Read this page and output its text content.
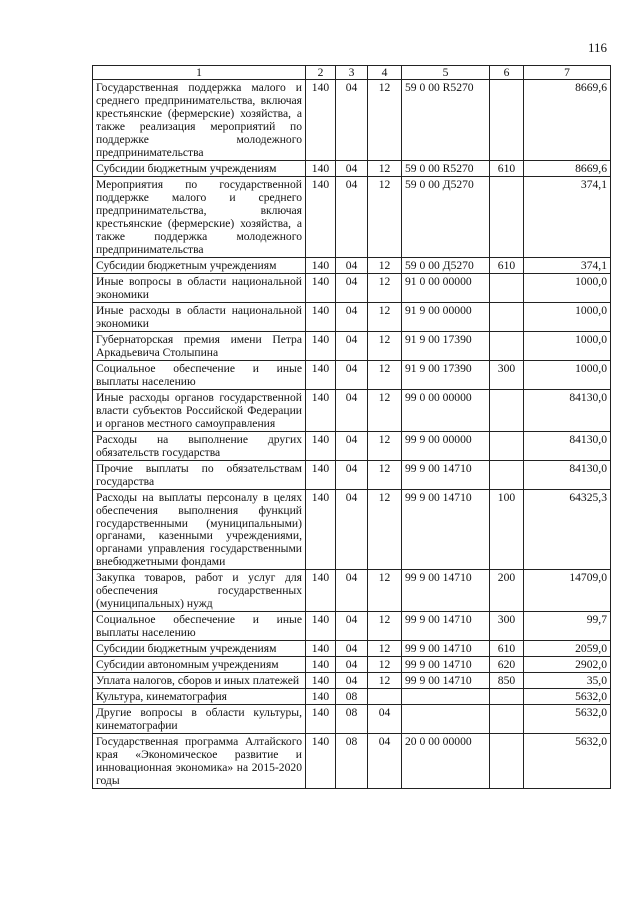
116
1	2	3	4	5	6	7
Государственная поддержка малого и среднего предпринимательства, включая крестьянские (фермерские) хозяйства, а также реализация мероприятий по поддержке молодежного предпринимательства	140	04	12	59 0 00 R5270		8669,6
Субсидии бюджетным учреждениям	140	04	12	59 0 00 R5270	610	8669,6
Мероприятия по государственной поддержке малого и среднего предпринимательства, включая крестьянские (фермерские) хозяйства, а также поддержка молодежного предпринимательства	140	04	12	59 0 00 Д5270		374,1
Субсидии бюджетным учреждениям	140	04	12	59 0 00 Д5270	610	374,1
Иные вопросы в области национальной экономики	140	04	12	91 0 00 00000		1000,0
Иные расходы в области национальной экономики	140	04	12	91 9 00 00000		1000,0
Губернаторская премия имени Петра Аркадьевича Столыпина	140	04	12	91 9 00 17390		1000,0
Социальное обеспечение и иные выплаты населению	140	04	12	91 9 00 17390	300	1000,0
Иные расходы органов государственной власти субъектов Российской Федерации и органов местного самоуправления	140	04	12	99 0 00 00000		84130,0
Расходы на выполнение других обязательств государства	140	04	12	99 9 00 00000		84130,0
Прочие выплаты по обязательствам государства	140	04	12	99 9 00 14710		84130,0
Расходы на выплаты персоналу в целях обеспечения выполнения функций государственными (муниципальными) органами, казенными учреждениями, органами управления государственными внебюджетными фондами	140	04	12	99 9 00 14710	100	64325,3
Закупка товаров, работ и услуг для обеспечения государственных (муниципальных) нужд	140	04	12	99 9 00 14710	200	14709,0
Социальное обеспечение и иные выплаты населению	140	04	12	99 9 00 14710	300	99,7
Субсидии бюджетным учреждениям	140	04	12	99 9 00 14710	610	2059,0
Субсидии автономным учреждениям	140	04	12	99 9 00 14710	620	2902,0
Уплата налогов, сборов и иных платежей	140	04	12	99 9 00 14710	850	35,0
Культура, кинематография	140	08				5632,0
Другие вопросы в области культуры, кинематографии	140	08	04			5632,0
Государственная программа Алтайского края «Экономическое развитие и инновационная экономика» на 2015-2020 годы	140	08	04	20 0 00 00000		5632,0
